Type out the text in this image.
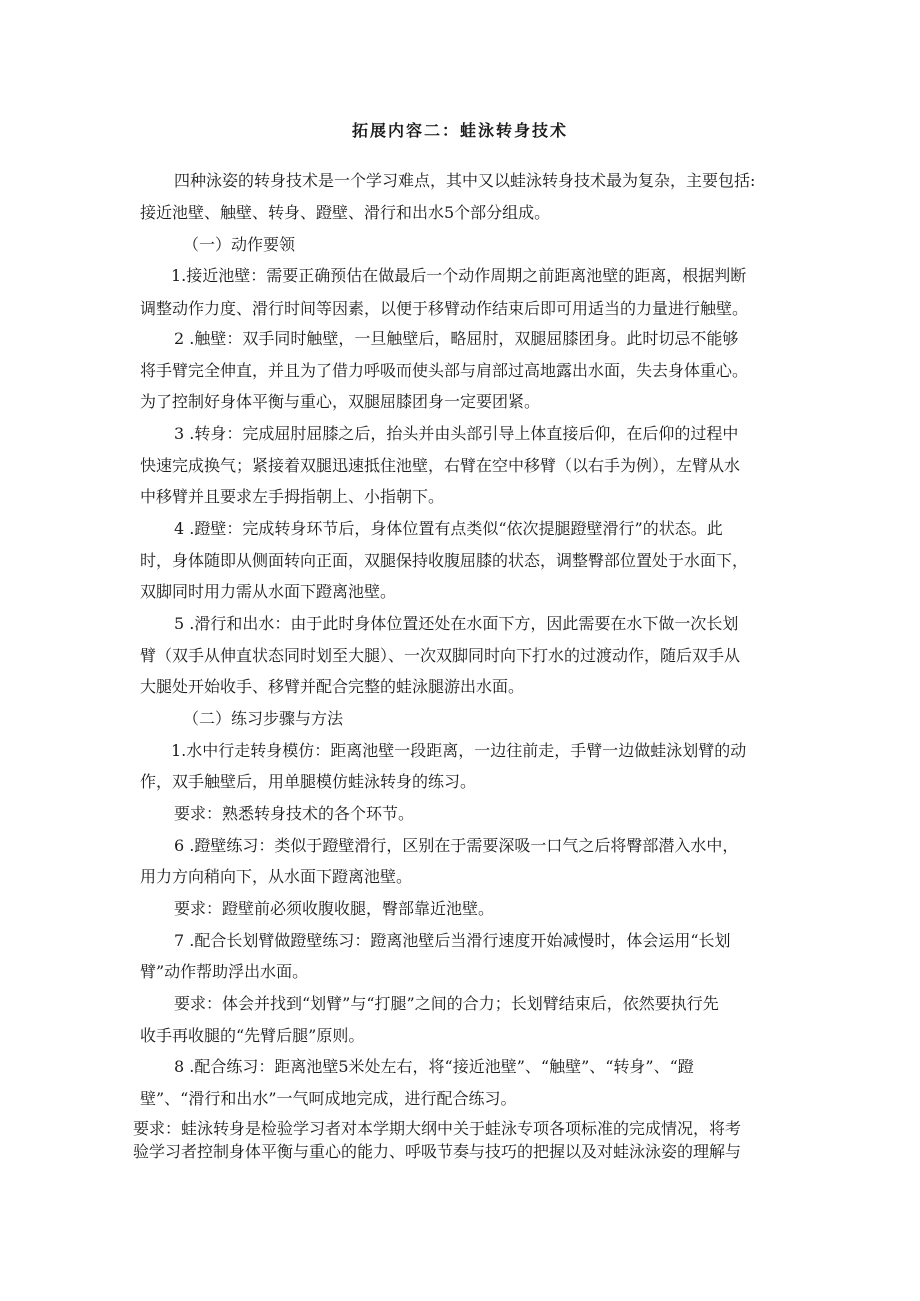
拓展内容二：蛙泳转身技术
四种泳姿的转身技术是一个学习难点，其中又以蛙泳转身技术最为复杂，主要包括:
接近池壁、触壁、转身、蹬壁、滑行和出水5个部分组成。
（一）动作要领
1.接近池壁：需要正确预估在做最后一个动作周期之前距离池壁的距离，根据判断
调整动作力度、滑行时间等因素，以便于移臂动作结束后即可用适当的力量进行触壁。
2 .触壁：双手同时触壁，一旦触壁后，略屈肘，双腿屈膝团身。此时切忌不能够
将手臂完全伸直，并且为了借力呼吸而使头部与肩部过高地露出水面，失去身体重心。
为了控制好身体平衡与重心，双腿屈膝团身一定要团紧。
3 .转身：完成屈肘屈膝之后，抬头并由头部引导上体直接后仰，在后仰的过程中
快速完成换气；紧接着双腿迅速抵住池壁，右臂在空中移臂（以右手为例），左臂从水
中移臂并且要求左手拇指朝上、小指朝下。
4 .蹬壁：完成转身环节后，身体位置有点类似“依次提腿蹬壁滑行”的状态。此
时，身体随即从侧面转向正面，双腿保持收腹屈膝的状态，调整臀部位置处于水面下，
双脚同时用力需从水面下蹬离池壁。
5 .滑行和出水：由于此时身体位置还处在水面下方，因此需要在水下做一次长划
臂（双手从伸直状态同时划至大腿）、一次双脚同时向下打水的过渡动作，随后双手从
大腿处开始收手、移臂并配合完整的蛙泳腿游出水面。
（二）练习步骤与方法
1.水中行走转身模仿：距离池壁一段距离，一边往前走，手臂一边做蛙泳划臂的动
作，双手触壁后，用单腿模仿蛙泳转身的练习。
要求：熟悉转身技术的各个环节。
6 .蹬壁练习：类似于蹬壁滑行，区别在于需要深吸一口气之后将臀部潜入水中，
用力方向稍向下，从水面下蹬离池壁。
要求：蹬壁前必须收腹收腿，臀部靠近池壁。
7 .配合长划臂做蹬壁练习：蹬离池壁后当滑行速度开始减慢时，体会运用“长划
臂”动作帮助浮出水面。
要求：体会并找到“划臂”与“打腿”之间的合力；长划臂结束后，依然要执行先
收手再收腿的“先臂后腿”原则。
8 .配合练习：距离池壁5米处左右，将“接近池壁”、“触壁”、“转身”、“蹬
壁”、“滑行和出水”一气呵成地完成，进行配合练习。
要求：蛙泳转身是检验学习者对本学期大纲中关于蛙泳专项各项标准的完成情况，将考
验学习者控制身体平衡与重心的能力、呼吸节奏与技巧的把握以及对蛙泳泳姿的理解与
